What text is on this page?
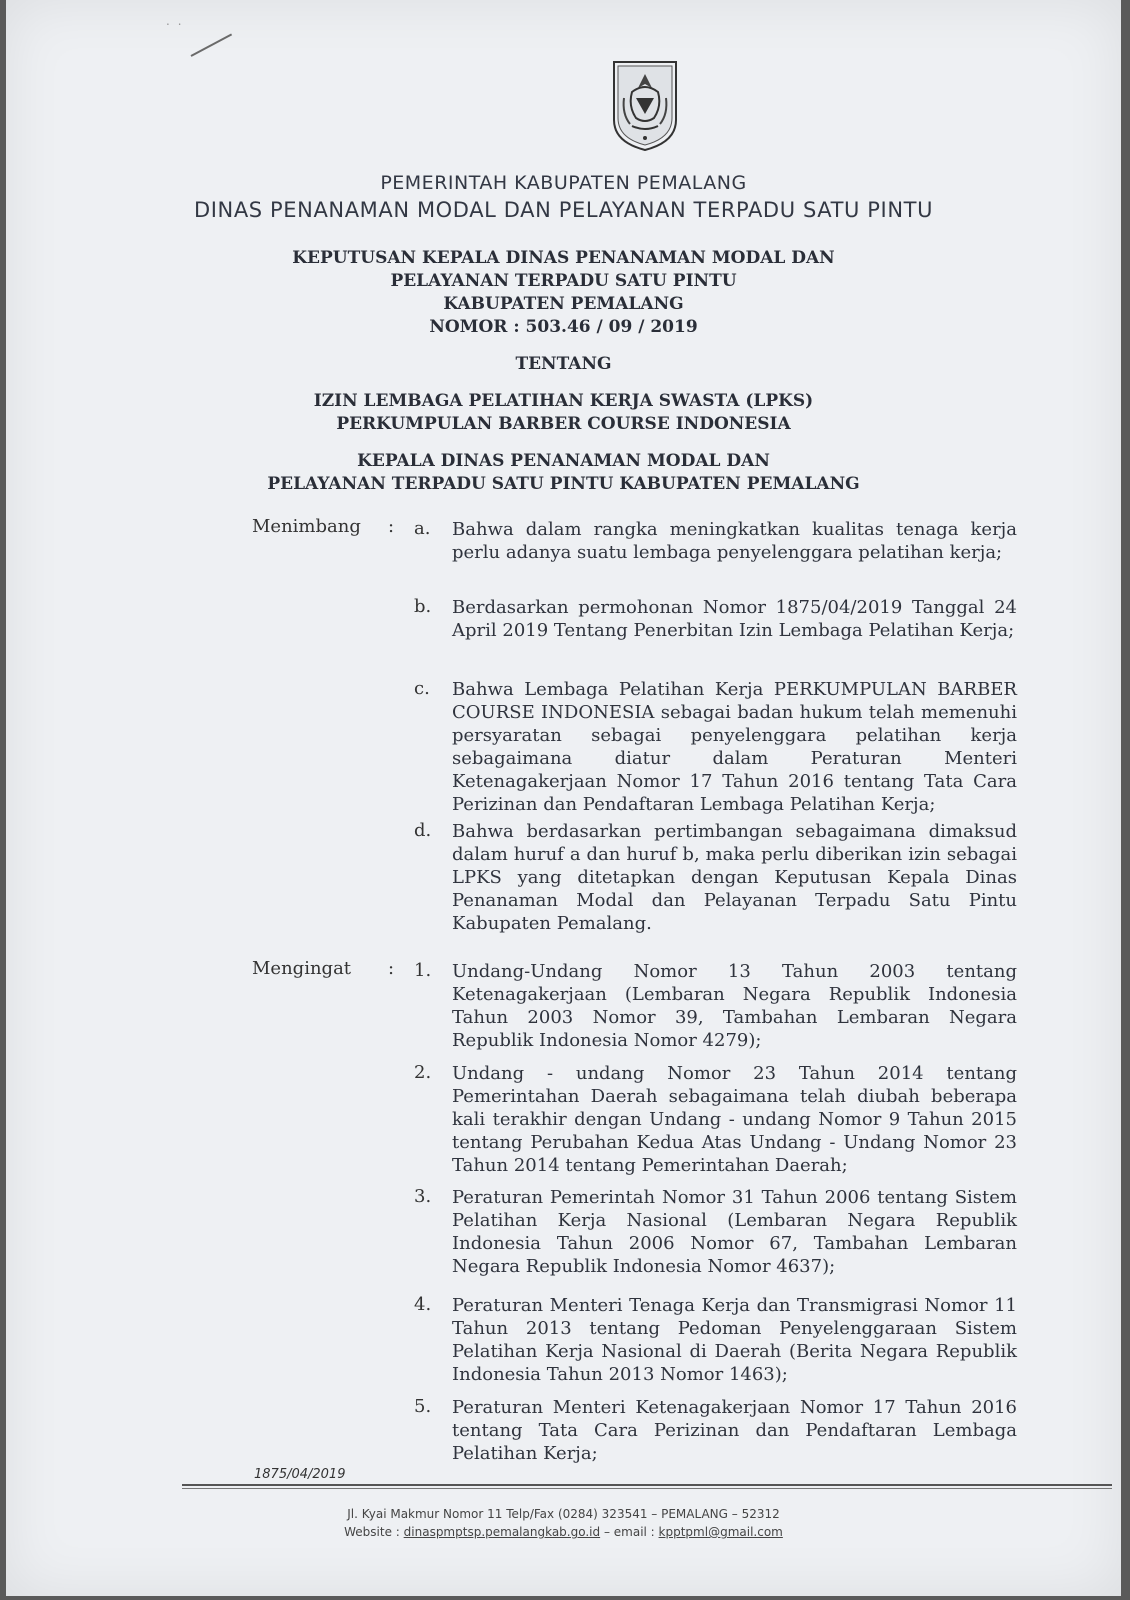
⋅⋅
PEMERINTAH KABUPATEN PEMALANG
DINAS PENANAMAN MODAL DAN PELAYANAN TERPADU SATU PINTU
KEPUTUSAN KEPALA DINAS PENANAMAN MODAL DAN
PELAYANAN TERPADU SATU PINTU
KABUPATEN PEMALANG
NOMOR : 503.46 / 09 / 2019
TENTANG
IZIN LEMBAGA PELATIHAN KERJA SWASTA (LPKS)
PERKUMPULAN BARBER COURSE INDONESIA
KEPALA DINAS PENANAMAN MODAL DAN
PELAYANAN TERPADU SATU PINTU KABUPATEN PEMALANG
Menimbang : a. Bahwa dalam rangka meningkatkan kualitas tenaga kerja perlu adanya suatu lembaga penyelenggara pelatihan kerja;
b. Berdasarkan permohonan Nomor 1875/04/2019 Tanggal 24 April 2019 Tentang Penerbitan Izin Lembaga Pelatihan Kerja;
c. Bahwa Lembaga Pelatihan Kerja PERKUMPULAN BARBER COURSE INDONESIA sebagai badan hukum telah memenuhi persyaratan sebagai penyelenggara pelatihan kerja sebagaimana diatur dalam Peraturan Menteri Ketenagakerjaan Nomor 17 Tahun 2016 tentang Tata Cara Perizinan dan Pendaftaran Lembaga Pelatihan Kerja;
d. Bahwa berdasarkan pertimbangan sebagaimana dimaksud dalam huruf a dan huruf b, maka perlu diberikan izin sebagai LPKS yang ditetapkan dengan Keputusan Kepala Dinas Penanaman Modal dan Pelayanan Terpadu Satu Pintu Kabupaten Pemalang.
Mengingat : 1. Undang-Undang Nomor 13 Tahun 2003 tentang Ketenagakerjaan (Lembaran Negara Republik Indonesia Tahun 2003 Nomor 39, Tambahan Lembaran Negara Republik Indonesia Nomor 4279);
2. Undang - undang Nomor 23 Tahun 2014 tentang Pemerintahan Daerah sebagaimana telah diubah beberapa kali terakhir dengan Undang - undang Nomor 9 Tahun 2015 tentang Perubahan Kedua Atas Undang - Undang Nomor 23 Tahun 2014 tentang Pemerintahan Daerah;
3. Peraturan Pemerintah Nomor 31 Tahun 2006 tentang Sistem Pelatihan Kerja Nasional (Lembaran Negara Republik Indonesia Tahun 2006 Nomor 67, Tambahan Lembaran Negara Republik Indonesia Nomor 4637);
4. Peraturan Menteri Tenaga Kerja dan Transmigrasi Nomor 11 Tahun 2013 tentang Pedoman Penyelenggaraan Sistem Pelatihan Kerja Nasional di Daerah (Berita Negara Republik Indonesia Tahun 2013 Nomor 1463);
5. Peraturan Menteri Ketenagakerjaan Nomor 17 Tahun 2016 tentang Tata Cara Perizinan dan Pendaftaran Lembaga Pelatihan Kerja;
1875/04/2019
Jl. Kyai Makmur Nomor 11 Telp/Fax (0284) 323541 – PEMALANG – 52312
Website : dinaspmptsp.pemalangkab.go.id – email : kpptpml@gmail.com
